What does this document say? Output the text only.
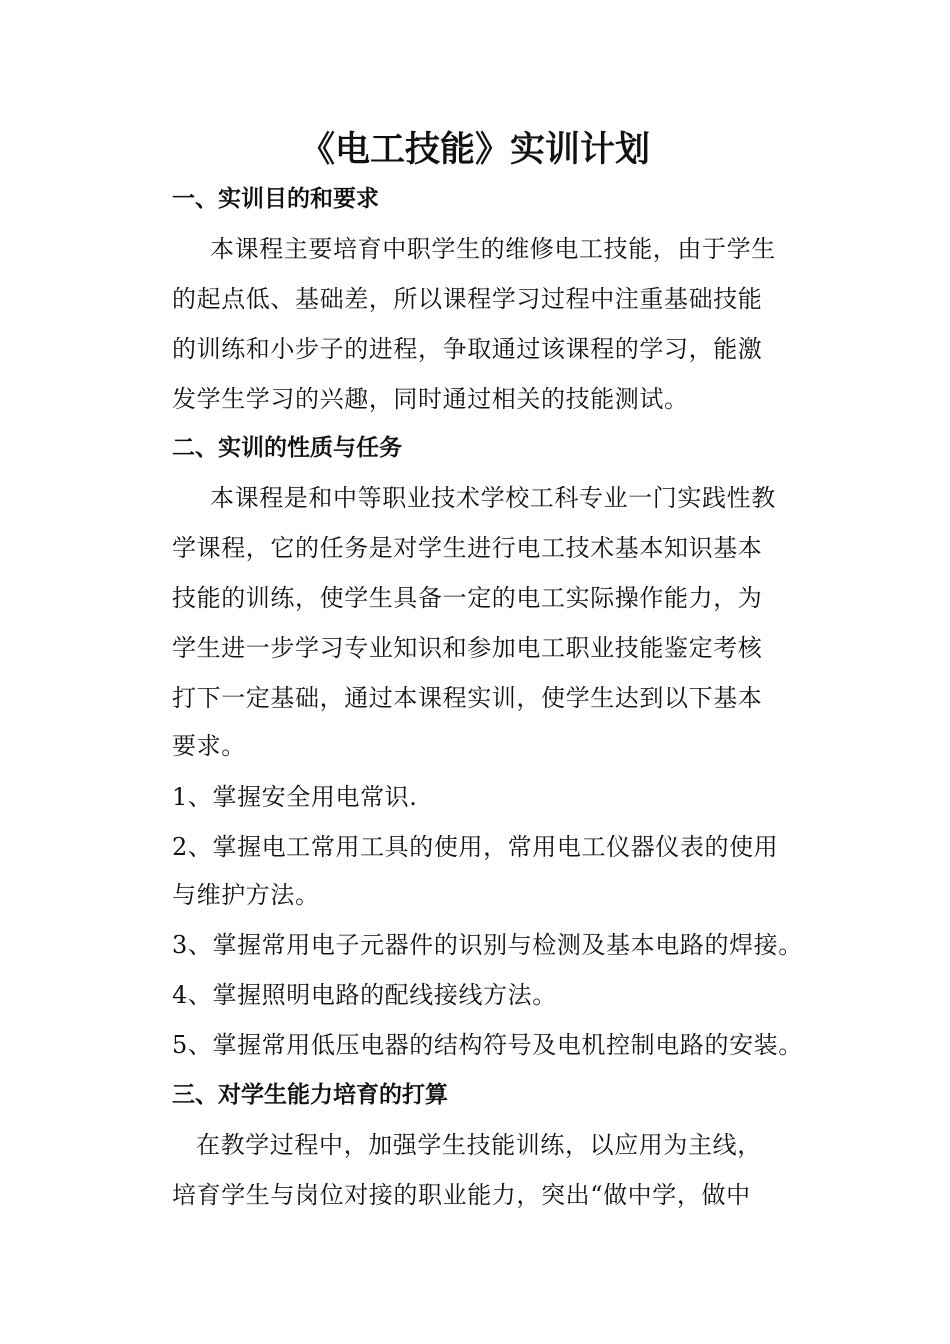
《电工技能》实训计划
一、实训目的和要求
本课程主要培育中职学生的维修电工技能，由于学生
的起点低、基础差，所以课程学习过程中注重基础技能
的训练和小步子的进程，争取通过该课程的学习，能激
发学生学习的兴趣，同时通过相关的技能测试。
二、实训的性质与任务
本课程是和中等职业技术学校工科专业一门实践性教
学课程，它的任务是对学生进行电工技术基本知识基本
技能的训练，使学生具备一定的电工实际操作能力，为
学生进一步学习专业知识和参加电工职业技能鉴定考核
打下一定基础，通过本课程实训，使学生达到以下基本
要求。
1、掌握安全用电常识.
2、掌握电工常用工具的使用，常用电工仪器仪表的使用
与维护方法。
3、掌握常用电子元器件的识别与检测及基本电路的焊接。
4、掌握照明电路的配线接线方法。
5、掌握常用低压电器的结构符号及电机控制电路的安装。
三、对学生能力培育的打算
在教学过程中，加强学生技能训练，以应用为主线，
培育学生与岗位对接的职业能力，突出“做中学，做中
